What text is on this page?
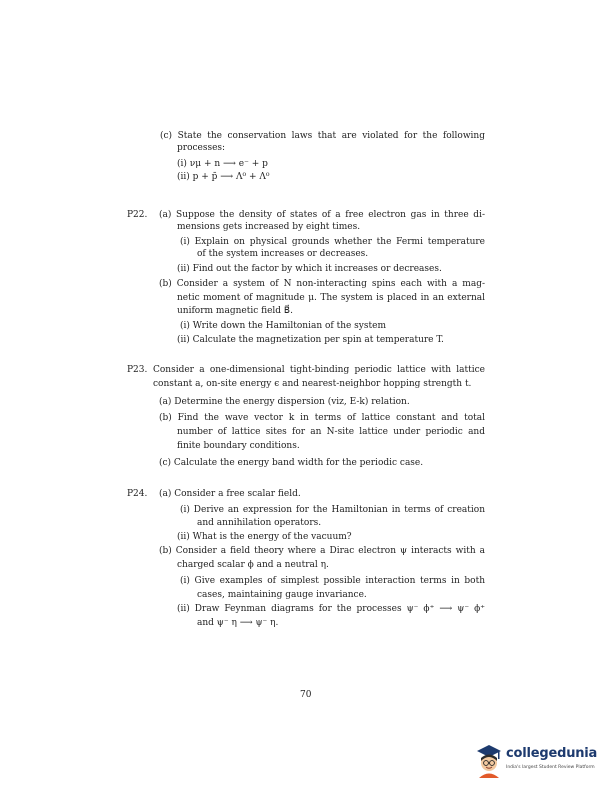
(c) State the conservation laws that are violated for the following
processes:
(i) νμ + n ⟶ e⁻ + p
(ii) p + p̄ ⟶ Λ⁰ + Λ⁰
P22. (a) Suppose the density of states of a free electron gas in three di-
mensions gets increased by eight times.
(i) Explain on physical grounds whether the Fermi temperature
of the system increases or decreases.
(ii) Find out the factor by which it increases or decreases.
(b) Consider a system of N non-interacting spins each with a mag-
netic moment of magnitude μ. The system is placed in an external
uniform magnetic field B⃗.
(i) Write down the Hamiltonian of the system
(ii) Calculate the magnetization per spin at temperature T.
P23. Consider a one-dimensional tight-binding periodic lattice with lattice
constant a, on-site energy ϵ and nearest-neighbor hopping strength t.
(a) Determine the energy dispersion (viz, E-k) relation.
(b) Find the wave vector k in terms of lattice constant and total
number of lattice sites for an N-site lattice under periodic and
finite boundary conditions.
(c) Calculate the energy band width for the periodic case.
P24. (a) Consider a free scalar field.
(i) Derive an expression for the Hamiltonian in terms of creation
and annihilation operators.
(ii) What is the energy of the vacuum?
(b) Consider a field theory where a Dirac electron ψ interacts with a
charged scalar ϕ and a neutral η.
(i) Give examples of simplest possible interaction terms in both
cases, maintaining gauge invariance.
(ii) Draw Feynman diagrams for the processes ψ⁻ ϕ⁺ ⟶ ψ⁻ ϕ⁺
and ψ⁻ η ⟶ ψ⁻ η.
70
collegedunia
India's largest Student Review Platform
